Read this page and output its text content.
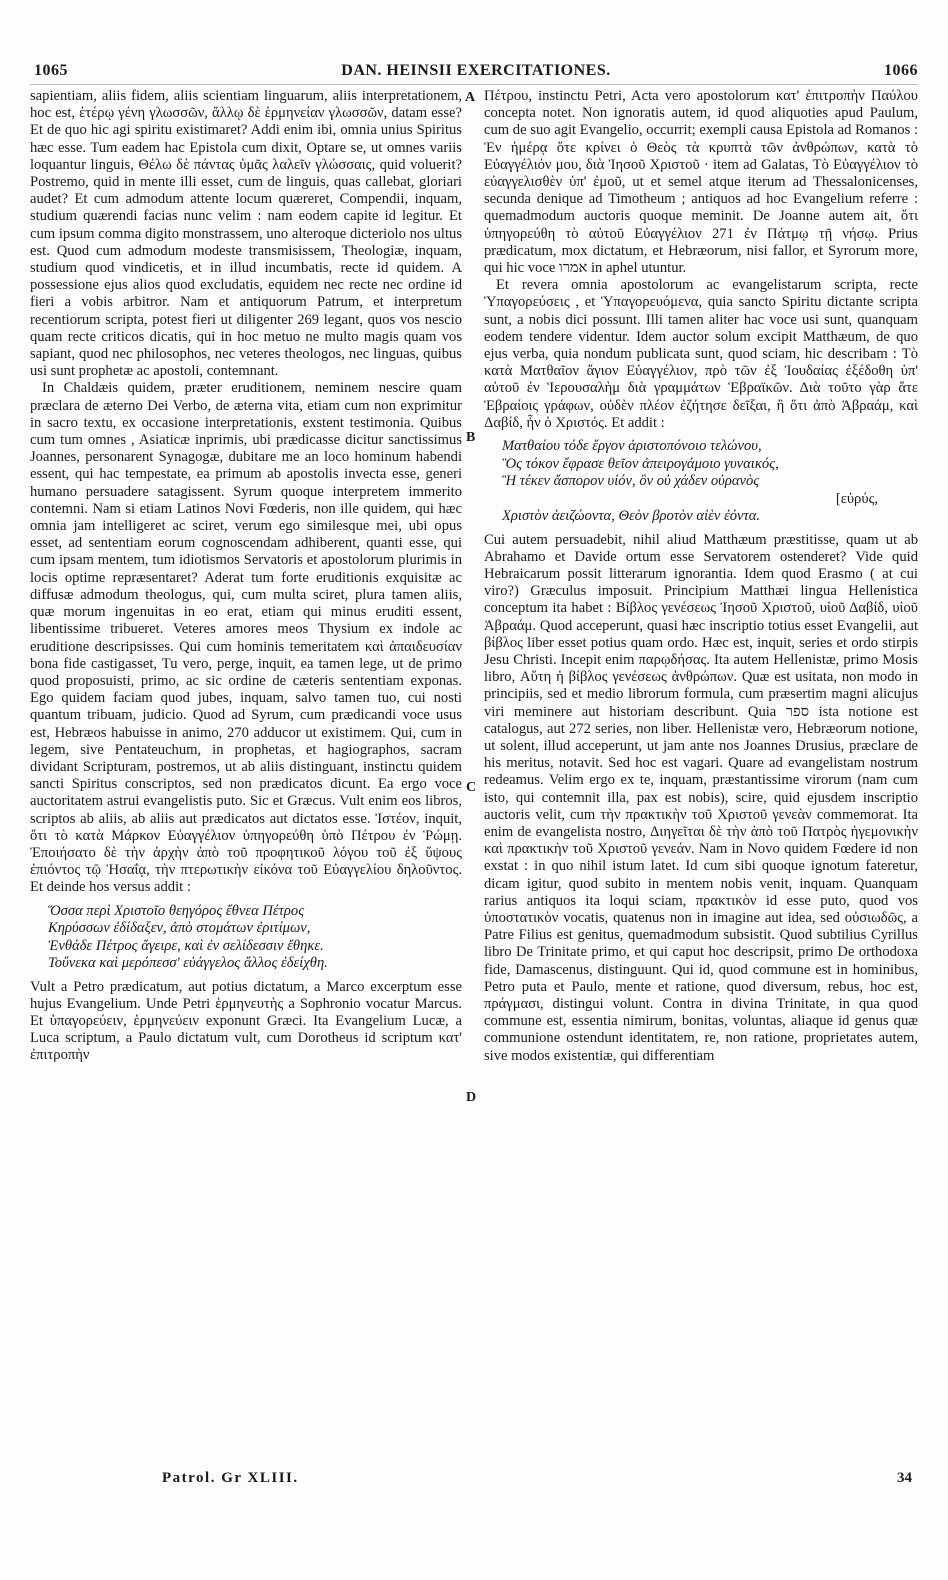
1065	DAN. HEINSII EXERCITATIONES.	1066

sapientiam, aliis fidem, aliis scientiam linguarum, aliis interpretationem, hoc est, ἑτέρῳ γένη γλωσσῶν, ἄλλῳ δὲ ἑρμηνείαν γλωσσῶν, datam esse? Et de quo hic agi spiritu existimaret? Addi enim ibi, omnia unius Spiritus hæc esse. Tum eadem hac Epistola cum dixit, Optare se, ut omnes variis loquantur linguis, Θέλω δὲ πάντας ὑμᾶς λαλεῖν γλώσσαις, quid voluerit? Postremo, quid in mente illi esset, cum de linguis, quas callebat, gloriari audet? Et cum admodum attente locum quæreret, Compendii, inquam, studium quærendi facias nunc velim : nam eodem capite id legitur. Et cum ipsum comma digito monstrassem, uno alteroque dicteriolo nos ultus est. Quod cum admodum modeste transmisissem, Theologiæ, inquam, studium quod vindicetis, et in illud incumbatis, recte id quidem. A possessione ejus alios quod excludatis, equidem nec recte nec ordine id fieri a vobis arbitror. Nam et antiquorum Patrum, et interpretum recentiorum scripta, potest fieri ut diligenter 269 legant, quos vos nescio quam recte criticos dicatis, qui in hoc metuo ne multo magis quam vos sapiant, quod nec philosophos, nec veteres theologos, nec linguas, quibus usi sunt prophetæ ac apostoli, contemnant.

In Chaldæis quidem, præter eruditionem, neminem nescire quam præclara de æterno Dei Verbo, de æterna vita, etiam cum non exprimitur in sacro textu, ex occasione interpretationis, exstent testimonia. Quibus cum tum omnes , Asiaticæ inprimis, ubi prædicasse dicitur sanctissimus Joannes, personarent Synagogæ, dubitare me an loco hominum habendi essent, qui hac tempestate, ea primum ab apostolis invecta esse, generi humano persuadere satagissent. Syrum quoque interpretem immerito contemni. Nam si etiam Latinos Novi Fœderis, non ille quidem, qui hæc omnia jam intelligeret ac sciret, verum ego similesque mei, ubi opus esset, ad sententiam eorum cognoscendam adhiberent, quanti esse, qui cum ipsam mentem, tum idiotismos Servatoris et apostolorum plurimis in locis optime repræsentaret? Aderat tum forte eruditionis exquisitæ ac diffusæ admodum theologus, qui, cum multa sciret, plura tamen aliis, quæ morum ingenuitas in eo erat, etiam qui minus eruditi essent, libentissime tribueret. Veteres amores meos Thysium ex indole ac eruditione descripsisses. Qui cum hominis temeritatem καὶ ἀπαιδευσίαν bona fide castigasset, Tu vero, perge, inquit, ea tamen lege, ut de primo quod proposuisti, primo, ac sic ordine de cæteris sententiam exponas. Ego quidem faciam quod jubes, inquam, salvo tamen tuo, cui nosti quantum tribuam, judicio. Quod ad Syrum, cum prædicandi voce usus est, Hebræos habuisse in animo, 270 adducor ut existimem. Qui, cum in legem, sive Pentateuchum, in prophetas, et hagiographos, sacram dividant Scripturam, postremos, ut ab aliis distinguant, instinctu quidem sancti Spiritus conscriptos, sed non prædicatos dicunt. Ea ergo voce auctoritatem astrui evangelistis puto. Sic et Græcus. Vult enim eos libros, scriptos ab aliis, ab aliis aut prædicatos aut dictatos esse. Ἰστέον, inquit, ὅτι τὸ κατὰ Μάρκον Εὐαγγέλιον ὑπηγορεύθη ὑπὸ Πέτρου ἐν Ῥώμῃ. Ἐποιήσατο δὲ τὴν ἀρχὴν ἀπὸ τοῦ προφητικοῦ λόγου τοῦ ἐξ ὕψους ἐπιόντος τῷ Ἡσαΐᾳ, τὴν πτερωτικὴν εἰκόνα τοῦ Εὐαγγελίου δηλοῦντος. Et deinde hos versus addit :

Ὅσσα περὶ Χριστοῖο θεηγόρος ἔθνεα Πέτρος
Κηρύσσων ἐδίδαξεν, ἀπὸ στομάτων ἐριτίμων,
Ἐνθάδε Πέτρος ἄγειρε, καὶ ἐν σελίδεσσιν ἔθηκε.
Τοὔνεκα καὶ μερόπεσσ' εὐάγγελος ἄλλος ἐδείχθη.

Vult a Petro prædicatum, aut potius dictatum, a Marco excerptum esse hujus Evangelium. Unde Petri ἑρμηνευτὴς a Sophronio vocatur Marcus. Et ὑπαγορεύειν, ἑρμηνεύειν exponunt Græci. Ita Evangelium Lucæ, a Luca scriptum, a Paulo dictatum vult, cum Dorotheus id scriptum κατ' ἐπιτροπὴν

A
B
C
D

Πέτρου, instinctu Petri, Acta vero apostolorum κατ' ἐπιτροπὴν Παύλου concepta notet. Non ignoratis autem, id quod aliquoties apud Paulum, cum de suo agit Evangelio, occurrit; exempli causa Epistola ad Romanos : Ἐν ἡμέρᾳ ὅτε κρίνει ὁ Θεὸς τὰ κρυπτὰ τῶν ἀνθρώπων, κατὰ τὸ Εὐαγγέλιόν μου, διὰ Ἰησοῦ Χριστοῦ · item ad Galatas, Τὸ Εὐαγγέλιον τὸ εὐαγγελισθὲν ὑπ' ἐμοῦ, ut et semel atque iterum ad Thessalonicenses, secunda denique ad Timotheum ; antiquos ad hoc Evangelium referre : quemadmodum auctoris quoque meminit. De Joanne autem ait, ὅτι ὑπηγορεύθη τὸ αὐτοῦ Εὐαγγέλιον 271 ἐν Πάτμῳ τῇ νήσῳ. Prius prædicatum, mox dictatum, et Hebræorum, nisi fallor, et Syrorum more, qui hic voce אמרו in aphel utuntur.

Et revera omnia apostolorum ac evangelistarum scripta, recte Ὑπαγορεύσεις , et Ὑπαγορευόμενα, quia sancto Spiritu dictante scripta sunt, a nobis dici possunt. Illi tamen aliter hac voce usi sunt, quanquam eodem tendere videntur. Idem auctor solum excipit Matthæum, de quo ejus verba, quia nondum publicata sunt, quod sciam, hic describam : Τὸ κατὰ Ματθαῖον ἅγιον Εὐαγγέλιον, πρὸ τῶν ἐξ Ἰουδαίας ἐξέδοθη ὑπ' αὐτοῦ ἐν Ἱερουσαλὴμ διὰ γραμμάτων Ἑβραϊκῶν. Διὰ τοῦτο γὰρ ἅτε Ἑβραίοις γράφων, οὐδὲν πλέον ἐζήτησε δεῖξαι, ἢ ὅτι ἀπὸ Ἀβραάμ, καὶ Δαβίδ, ἦν ὁ Χριστός. Et addit :

Ματθαίου τόδε ἔργον ἀριστοπόνοιο τελώνου,
Ὃς τόκον ἔφρασε θεῖον ἀπειρογάμοιο γυναικός,
Ἣ τέκεν ἄσπορον υἱόν, ὃν οὐ χάδεν οὐρανὸς
[εὐρύς,
Χριστὸν ἀειζώοντα, Θεὸν βροτὸν αἰὲν ἐόντα.

Cui autem persuadebit, nihil aliud Matthæum præstitisse, quam ut ab Abrahamo et Davide ortum esse Servatorem ostenderet? Vide quid Hebraicarum possit litterarum ignorantia. Idem quod Erasmo ( at cui viro?) Græculus imposuit. Principium Matthæi lingua Hellenistica conceptum ita habet : Βίβλος γενέσεως Ἰησοῦ Χριστοῦ, υἱοῦ Δαβίδ, υἱοῦ Ἀβραάμ. Quod acceperunt, quasi hæc inscriptio totius esset Evangelii, aut βίβλος liber esset potius quam ordo. Hæc est, inquit, series et ordo stirpis Jesu Christi. Incepit enim παρῳδήσας. Ita autem Hellenistæ, primo Mosis libro, Αὕτη ἡ βίβλος γενέσεως ἀνθρώπων. Quæ est usitata, non modo in principiis, sed et medio librorum formula, cum præsertim magni alicujus viri meminere aut historiam describunt. Quia ספר ista notione est catalogus, aut 272 series, non liber. Hellenistæ vero, Hebræorum notione, ut solent, illud acceperunt, ut jam ante nos Joannes Drusius, præclare de his meritus, notavit. Sed hoc est vagari. Quare ad evangelistam nostrum redeamus. Velim ergo ex te, inquam, præstantissime virorum (nam cum isto, qui contemnit illa, pax est nobis), scire, quid ejusdem inscriptio auctoris velit, cum τὴν πρακτικὴν τοῦ Χριστοῦ γενεὰν commemorat. Ita enim de evangelista nostro, Διηγεῖται δὲ τὴν ἀπὸ τοῦ Πατρὸς ἡγεμονικὴν καὶ πρακτικὴν τοῦ Χριστοῦ γενεάν. Nam in Novo quidem Fœdere id non exstat : in quo nihil istum latet. Id cum sibi quoque ignotum fateretur, dicam igitur, quod subito in mentem nobis venit, inquam. Quanquam rarius antiquos ita loqui sciam, πρακτικὸν id esse puto, quod vos ὑποστατικὸν vocatis, quatenus non in imagine aut idea, sed οὐσιωδῶς, a Patre Filius est genitus, quemadmodum subsistit. Quod subtilius Cyrillus libro De Trinitate primo, et qui caput hoc descripsit, primo De orthodoxa fide, Damascenus, distinguunt. Qui id, quod commune est in hominibus, Petro puta et Paulo, mente et ratione, quod diversum, rebus, hoc est, πράγμασι, distingui volunt. Contra in divina Trinitate, in qua quod commune est, essentia nimirum, bonitas, voluntas, aliaque id genus quæ communione ostendunt identitatem, re, non ratione, proprietates autem, sive modos existentiæ, qui differentiam

Patrol. Gr XLIII.	34
